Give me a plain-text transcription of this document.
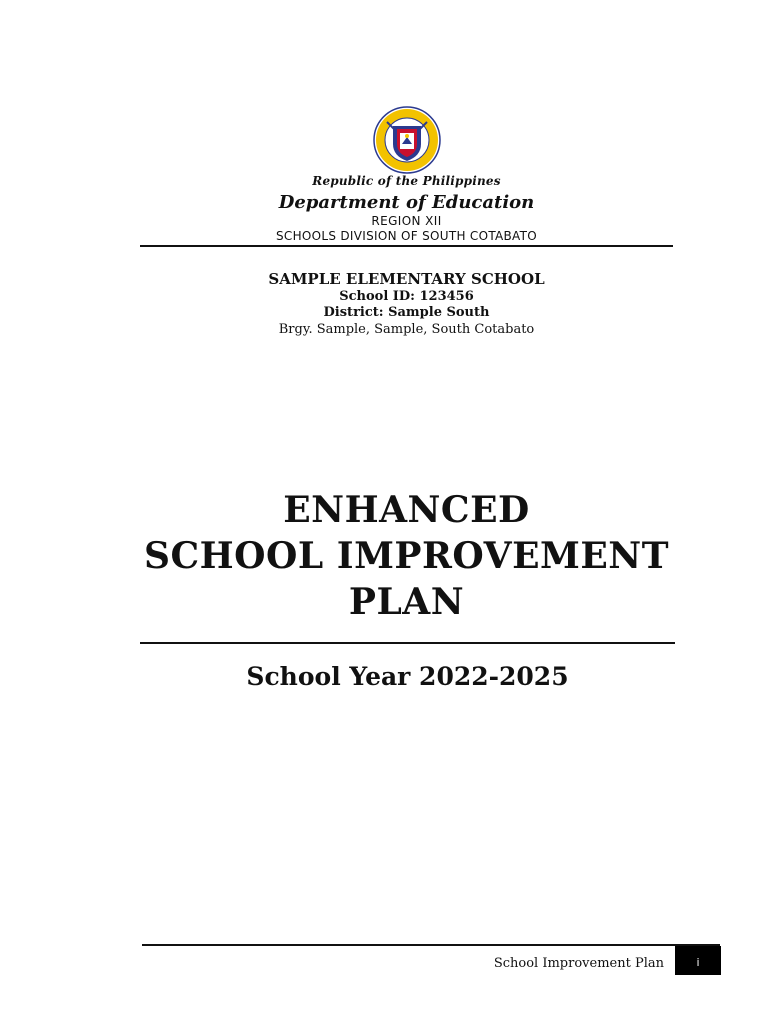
Republic of the Philippines
Department of Education
REGION XII
SCHOOLS DIVISION OF SOUTH COTABATO
SAMPLE ELEMENTARY SCHOOL
School ID: 123456
District: Sample South
Brgy. Sample, Sample, South Cotabato
ENHANCED
SCHOOL IMPROVEMENT
PLAN
School Year 2022-2025
School Improvement Plan	i
